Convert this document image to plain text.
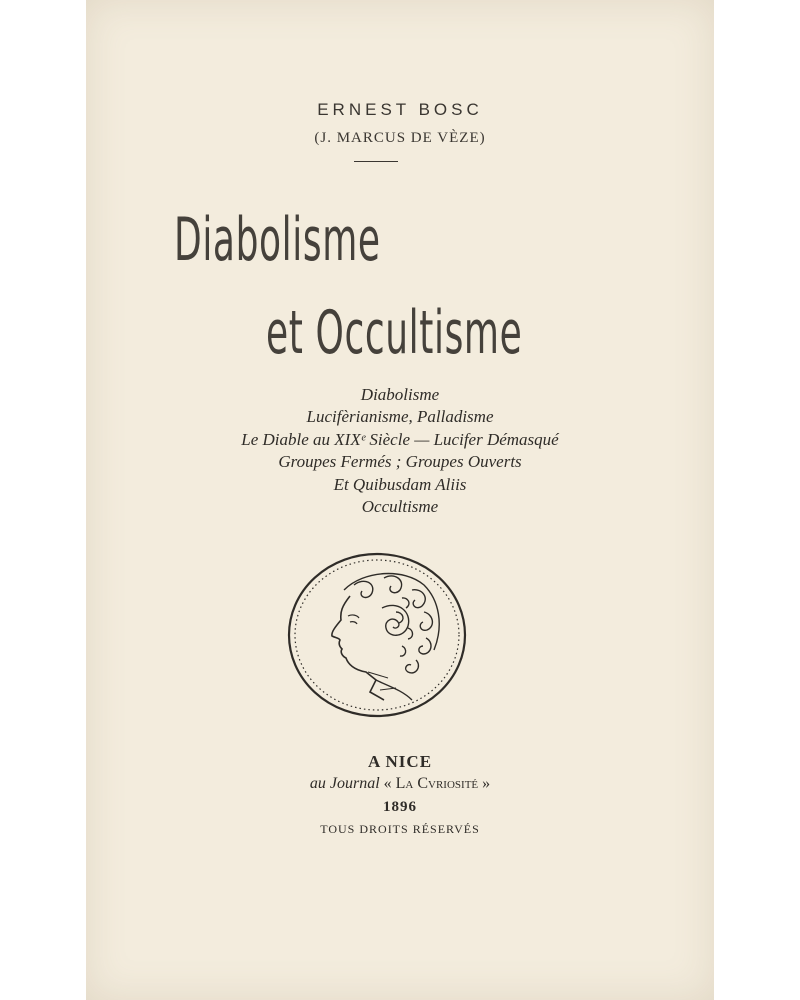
ERNEST BOSC
(J. MARCUS DE VÈZE)
Diabolisme
et Occultisme
Diabolisme
Lucifèrianisme, Palladisme
Le Diable au XIXᵉ Siècle — Lucifer Démasqué
Groupes Fermés ; Groupes Ouverts
Et Quibusdam Aliis
Occultisme
A NICE
au Journal « La Cvriosité »
1896
TOUS DROITS RÉSERVÉS
